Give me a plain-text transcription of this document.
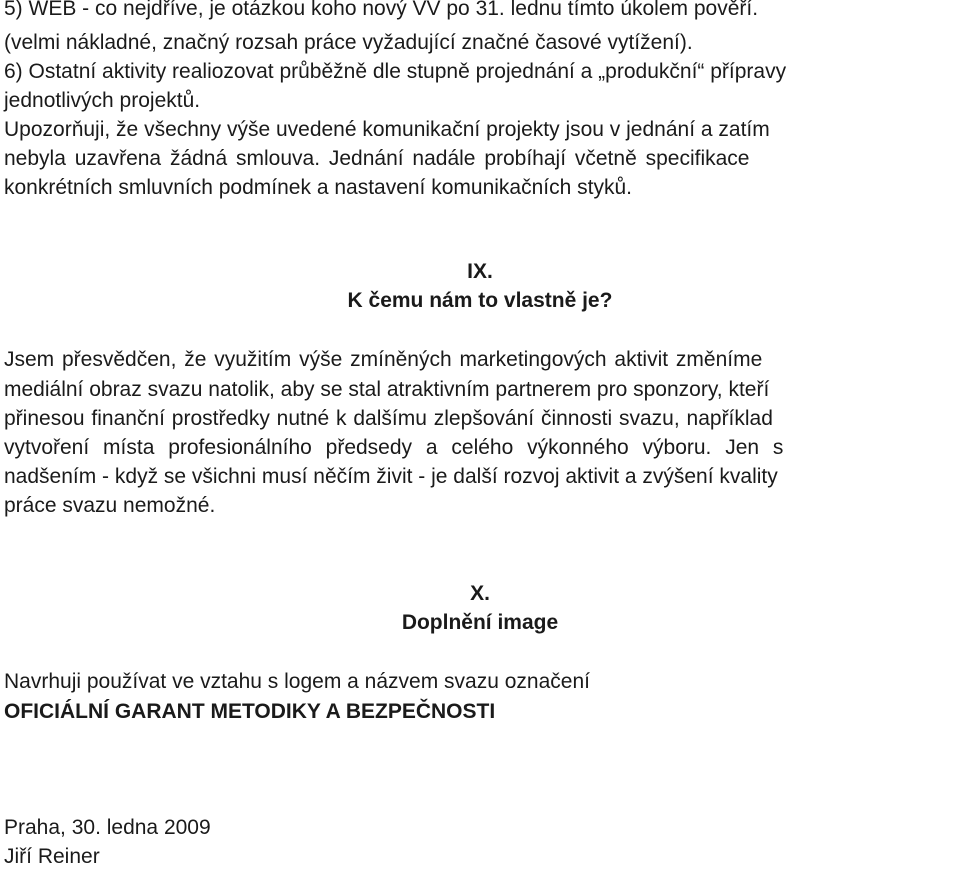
5) WEB - co nejdříve, je otázkou koho nový VV po 31. lednu tímto úkolem pověří.
(velmi nákladné, značný rozsah práce vyžadující značné časové vytížení).
6) Ostatní aktivity realiozovat průběžně dle stupně projednání a „produkční“ přípravy
jednotlivých projektů.
Upozorňuji, že všechny výše uvedené komunikační projekty jsou v jednání a zatím
nebyla uzavřena žádná smlouva. Jednání nadále probíhají včetně specifikace
konkrétních smluvních podmínek a nastavení komunikačních styků.
IX.
K čemu nám to vlastně je?
Jsem přesvědčen, že využitím výše zmíněných marketingových aktivit změníme
mediální obraz svazu natolik, aby se stal atraktivním partnerem pro sponzory, kteří
přinesou finanční prostředky nutné k dalšímu zlepšování činnosti svazu, například
vytvoření místa profesionálního předsedy a celého výkonného výboru. Jen s
nadšením - když se všichni musí něčím živit - je další rozvoj aktivit a zvýšení kvality
práce svazu nemožné.
X.
Doplnění image
Navrhuji používat ve vztahu s logem a názvem svazu označení
OFICIÁLNÍ GARANT METODIKY A BEZPEČNOSTI
Praha, 30. ledna 2009
Jiří Reiner
